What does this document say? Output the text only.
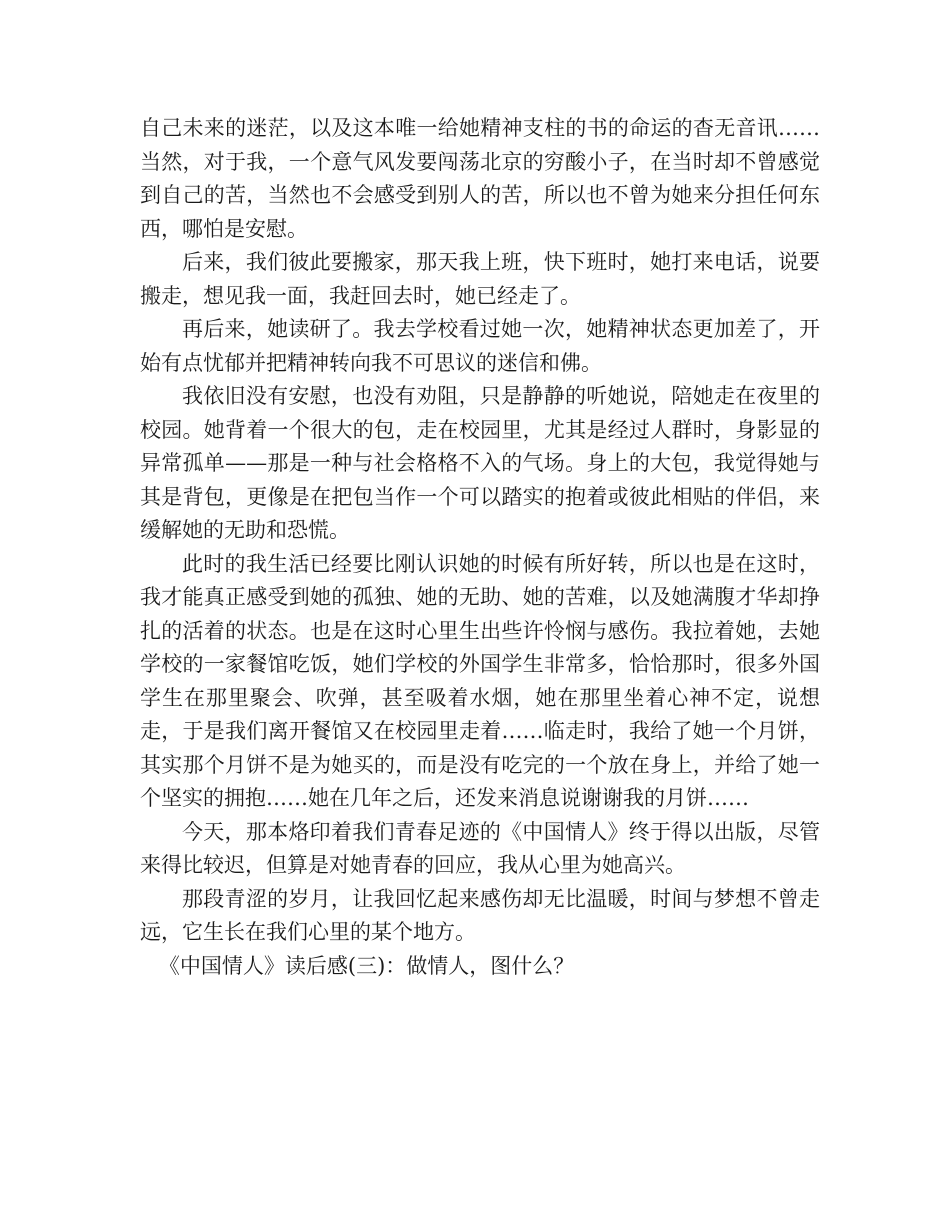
自己未来的迷茫，以及这本唯一给她精神支柱的书的命运的杳无音讯……当然，对于我，一个意气风发要闯荡北京的穷酸小子，在当时却不曾感觉到自己的苦，当然也不会感受到别人的苦，所以也不曾为她来分担任何东西，哪怕是安慰。

后来，我们彼此要搬家，那天我上班，快下班时，她打来电话，说要搬走，想见我一面，我赶回去时，她已经走了。

再后来，她读研了。我去学校看过她一次，她精神状态更加差了，开始有点忧郁并把精神转向我不可思议的迷信和佛。

我依旧没有安慰，也没有劝阻，只是静静的听她说，陪她走在夜里的校园。她背着一个很大的包，走在校园里，尤其是经过人群时，身影显的异常孤单——那是一种与社会格格不入的气场。身上的大包，我觉得她与其是背包，更像是在把包当作一个可以踏实的抱着或彼此相贴的伴侣，来缓解她的无助和恐慌。

此时的我生活已经要比刚认识她的时候有所好转，所以也是在这时，我才能真正感受到她的孤独、她的无助、她的苦难，以及她满腹才华却挣扎的活着的状态。也是在这时心里生出些许怜悯与感伤。我拉着她，去她学校的一家餐馆吃饭，她们学校的外国学生非常多，恰恰那时，很多外国学生在那里聚会、吹弹，甚至吸着水烟，她在那里坐着心神不定，说想走，于是我们离开餐馆又在校园里走着……临走时，我给了她一个月饼，其实那个月饼不是为她买的，而是没有吃完的一个放在身上，并给了她一个坚实的拥抱……她在几年之后，还发来消息说谢谢我的月饼……

今天，那本烙印着我们青春足迹的《中国情人》终于得以出版，尽管来得比较迟，但算是对她青春的回应，我从心里为她高兴。

那段青涩的岁月，让我回忆起来感伤却无比温暖，时间与梦想不曾走远，它生长在我们心里的某个地方。

《中国情人》读后感(三)：做情人，图什么？
